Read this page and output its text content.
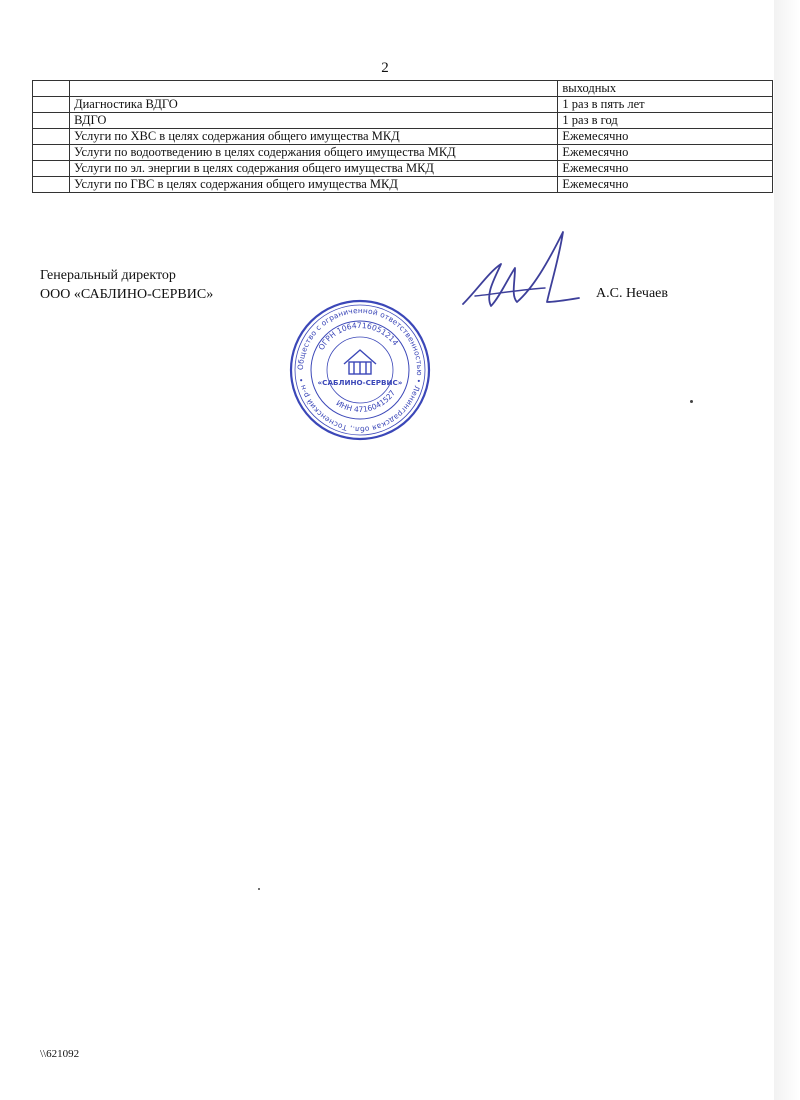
2
		выходных
	Диагностика ВДГО	1 раз в пять лет
	ВДГО	1 раз в год
	Услуги по ХВС в целях содержания общего имущества МКД	Ежемесячно
	Услуги по водоотведению в целях содержания общего имущества МКД	Ежемесячно
	Услуги по эл. энергии в целях содержания общего имущества МКД	Ежемесячно
	Услуги по ГВС в целях содержания общего имущества МКД	Ежемесячно
Генеральный директор
ООО «САБЛИНО-СЕРВИС»	А.С. Нечаев
Общество с ограниченной ответственностью • Ленинградская обл., Тосненский р-н •
ОГРН 1064716051214
ИНН 4716041527
«САБЛИНО-СЕРВИС»
\\621092
